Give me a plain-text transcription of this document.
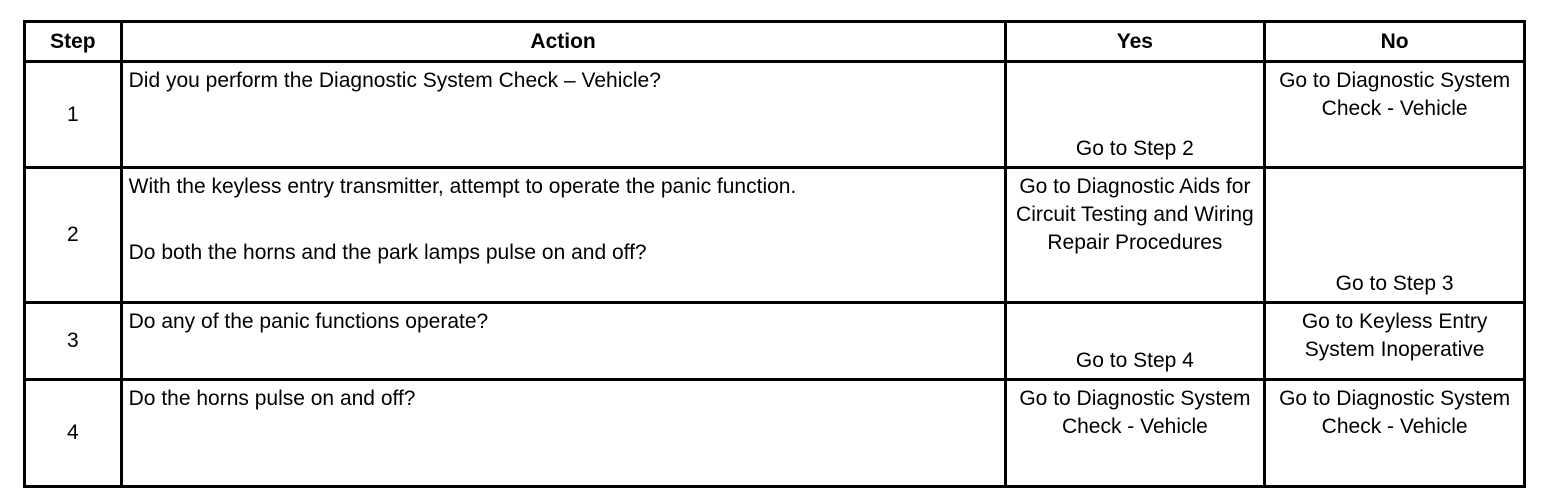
Step	Action	Yes	No
1	Did you perform the Diagnostic System Check – Vehicle?	Go to Step 2	Go to Diagnostic System Check - Vehicle

2	With the keyless entry transmitter, attempt to operate the panic function.
Do both the horns and the park lamps pulse on and off?	Go to Diagnostic Aids for Circuit Testing and Wiring Repair Procedures	Go to Step 3

3	Do any of the panic functions operate?	Go to Step 4	Go to Keyless Entry System Inoperative

4	Do the horns pulse on and off?	Go to Diagnostic System Check - Vehicle	Go to Diagnostic System Check - Vehicle
